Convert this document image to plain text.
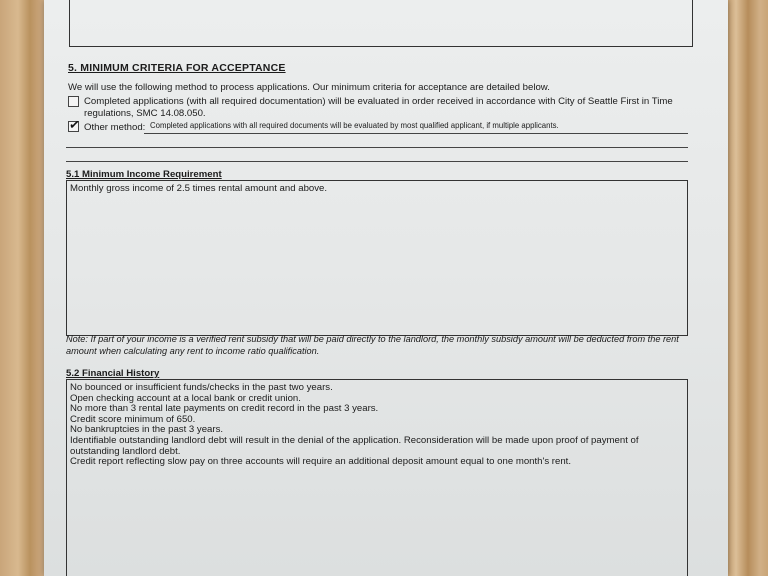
5. MINIMUM CRITERIA FOR ACCEPTANCE
We will use the following method to process applications. Our minimum criteria for acceptance are detailed below.
Completed applications (with all required documentation) will be evaluated in order received in accordance with City of Seattle First in Time regulations, SMC 14.08.050.
✓ Other method: Completed applications with all required documents will be evaluated by most qualified applicant, if multiple applicants.
5.1 Minimum Income Requirement
Monthly gross income of 2.5 times rental amount and above.
Note: If part of your income is a verified rent subsidy that will be paid directly to the landlord, the monthly subsidy amount will be deducted from the rent amount when calculating any rent to income ratio qualification.
5.2 Financial History
No bounced or insufficient funds/checks in the past two years.
Open checking account at a local bank or credit union.
No more than 3 rental late payments on credit record in the past 3 years.
Credit score minimum of 650.
No bankruptcies in the past 3 years.
Identifiable outstanding landlord debt will result in the denial of the application. Reconsideration will be made upon proof of payment of outstanding landlord debt.
Credit report reflecting slow pay on three accounts will require an additional deposit amount equal to one month's rent.
